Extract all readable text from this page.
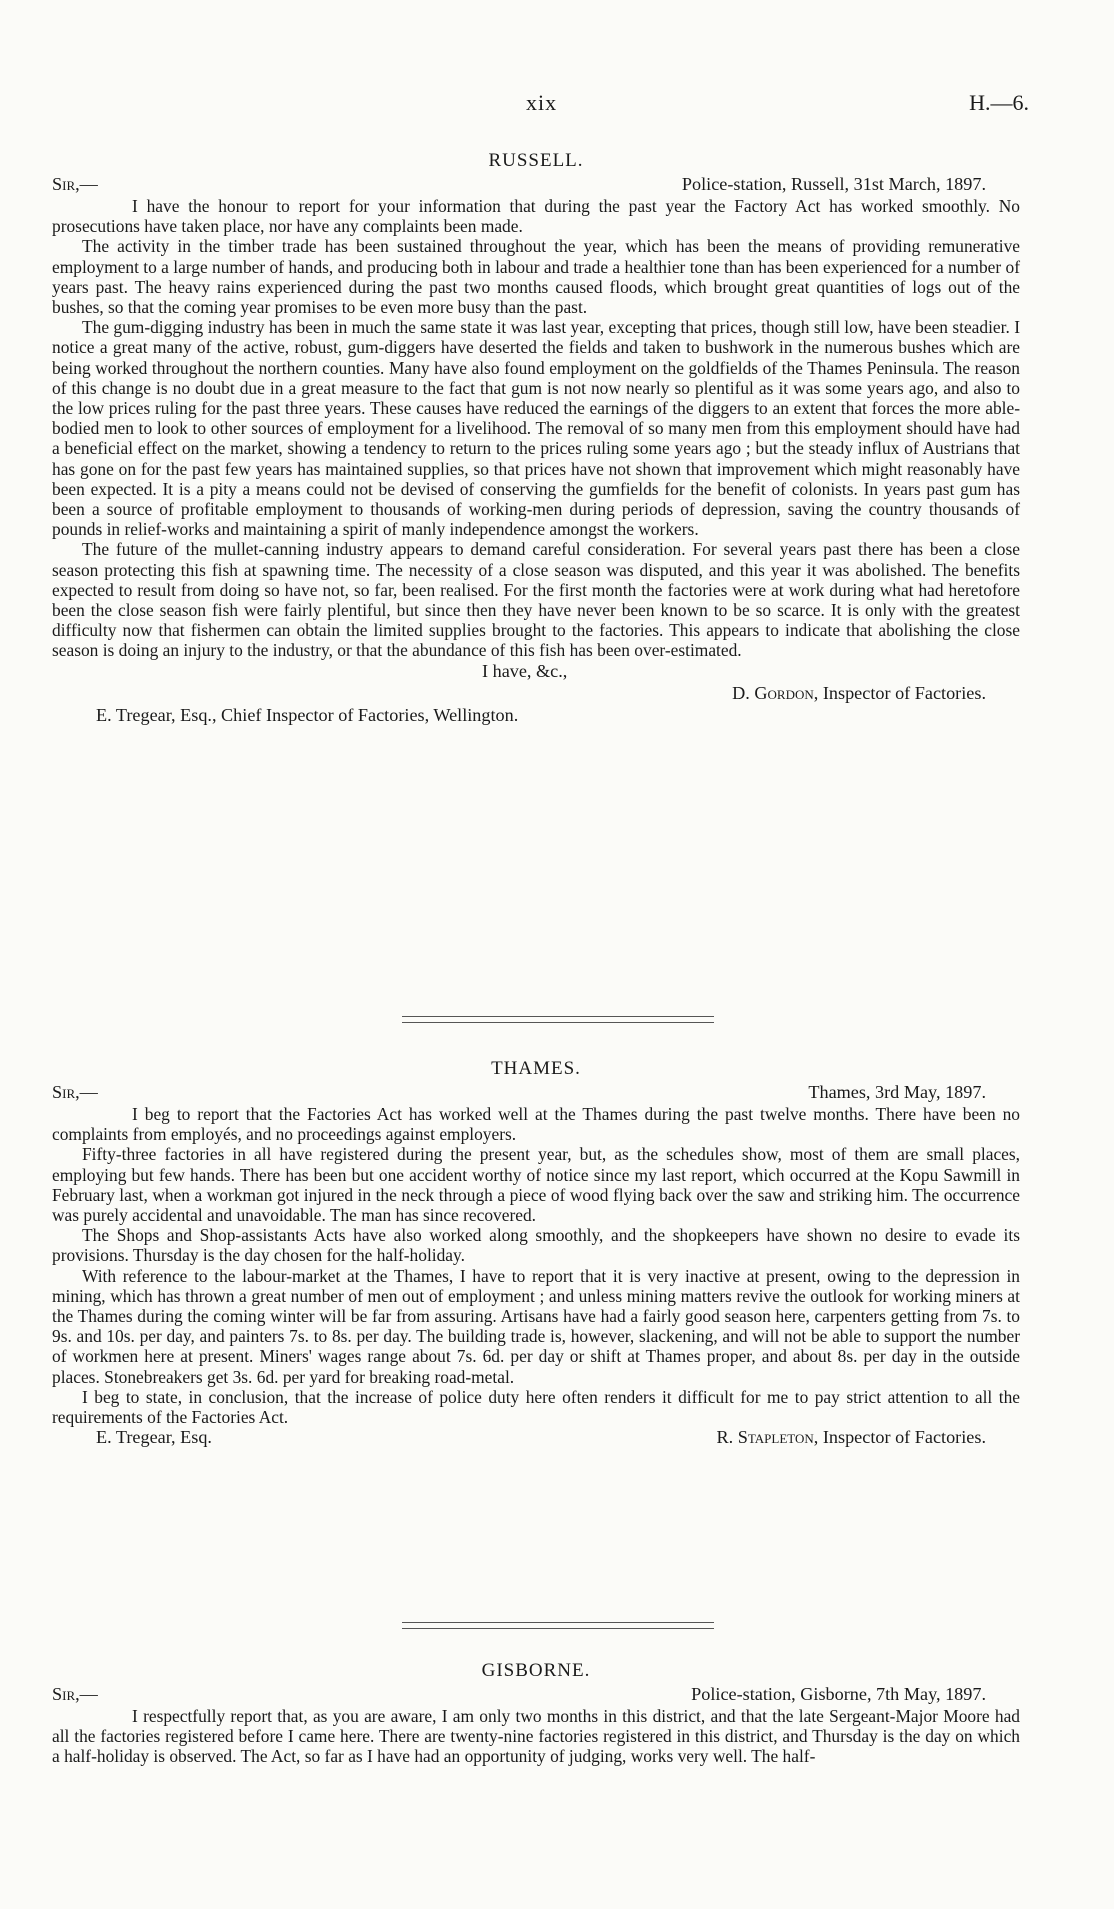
xix	H.—6.
RUSSELL.
Sir,—	Police-station, Russell, 31st March, 1897.

I have the honour to report for your information that during the past year the Factory Act has worked smoothly. No prosecutions have taken place, nor have any complaints been made.

The activity in the timber trade has been sustained throughout the year, which has been the means of providing remunerative employment to a large number of hands, and producing both in labour and trade a healthier tone than has been experienced for a number of years past. The heavy rains experienced during the past two months caused floods, which brought great quantities of logs out of the bushes, so that the coming year promises to be even more busy than the past.

The gum-digging industry has been in much the same state it was last year, excepting that prices, though still low, have been steadier. I notice a great many of the active, robust, gum-diggers have deserted the fields and taken to bushwork in the numerous bushes which are being worked throughout the northern counties. Many have also found employment on the goldfields of the Thames Peninsula. The reason of this change is no doubt due in a great measure to the fact that gum is not now nearly so plentiful as it was some years ago, and also to the low prices ruling for the past three years. These causes have reduced the earnings of the diggers to an extent that forces the more able-bodied men to look to other sources of employment for a livelihood. The removal of so many men from this employment should have had a beneficial effect on the market, showing a tendency to return to the prices ruling some years ago ; but the steady influx of Austrians that has gone on for the past few years has maintained supplies, so that prices have not shown that improvement which might reasonably have been expected. It is a pity a means could not be devised of conserving the gumfields for the benefit of colonists. In years past gum has been a source of profitable employment to thousands of working-men during periods of depression, saving the country thousands of pounds in relief-works and maintaining a spirit of manly independence amongst the workers.

The future of the mullet-canning industry appears to demand careful consideration. For several years past there has been a close season protecting this fish at spawning time. The necessity of a close season was disputed, and this year it was abolished. The benefits expected to result from doing so have not, so far, been realised. For the first month the factories were at work during what had heretofore been the close season fish were fairly plentiful, but since then they have never been known to be so scarce. It is only with the greatest difficulty now that fishermen can obtain the limited supplies brought to the factories. This appears to indicate that abolishing the close season is doing an injury to the industry, or that the abundance of this fish has been over-estimated.

I have, &c.,
D. Gordon, Inspector of Factories.
E. Tregear, Esq., Chief Inspector of Factories, Wellington.
THAMES.
Sir,—	Thames, 3rd May, 1897.

I beg to report that the Factories Act has worked well at the Thames during the past twelve months. There have been no complaints from employés, and no proceedings against employers.

Fifty-three factories in all have registered during the present year, but, as the schedules show, most of them are small places, employing but few hands. There has been but one accident worthy of notice since my last report, which occurred at the Kopu Sawmill in February last, when a workman got injured in the neck through a piece of wood flying back over the saw and striking him. The occurrence was purely accidental and unavoidable. The man has since recovered.

The Shops and Shop-assistants Acts have also worked along smoothly, and the shopkeepers have shown no desire to evade its provisions. Thursday is the day chosen for the half-holiday.

With reference to the labour-market at the Thames, I have to report that it is very inactive at present, owing to the depression in mining, which has thrown a great number of men out of employment ; and unless mining matters revive the outlook for working miners at the Thames during the coming winter will be far from assuring. Artisans have had a fairly good season here, carpenters getting from 7s. to 9s. and 10s. per day, and painters 7s. to 8s. per day. The building trade is, however, slackening, and will not be able to support the number of workmen here at present. Miners' wages range about 7s. 6d. per day or shift at Thames proper, and about 8s. per day in the outside places. Stonebreakers get 3s. 6d. per yard for breaking road-metal.

I beg to state, in conclusion, that the increase of police duty here often renders it difficult for me to pay strict attention to all the requirements of the Factories Act.

E. Tregear, Esq.	R. Stapleton, Inspector of Factories.
GISBORNE.
Sir,—	Police-station, Gisborne, 7th May, 1897.

I respectfully report that, as you are aware, I am only two months in this district, and that the late Sergeant-Major Moore had all the factories registered before I came here. There are twenty-nine factories registered in this district, and Thursday is the day on which a half-holiday is observed. The Act, so far as I have had an opportunity of judging, works very well. The half-
